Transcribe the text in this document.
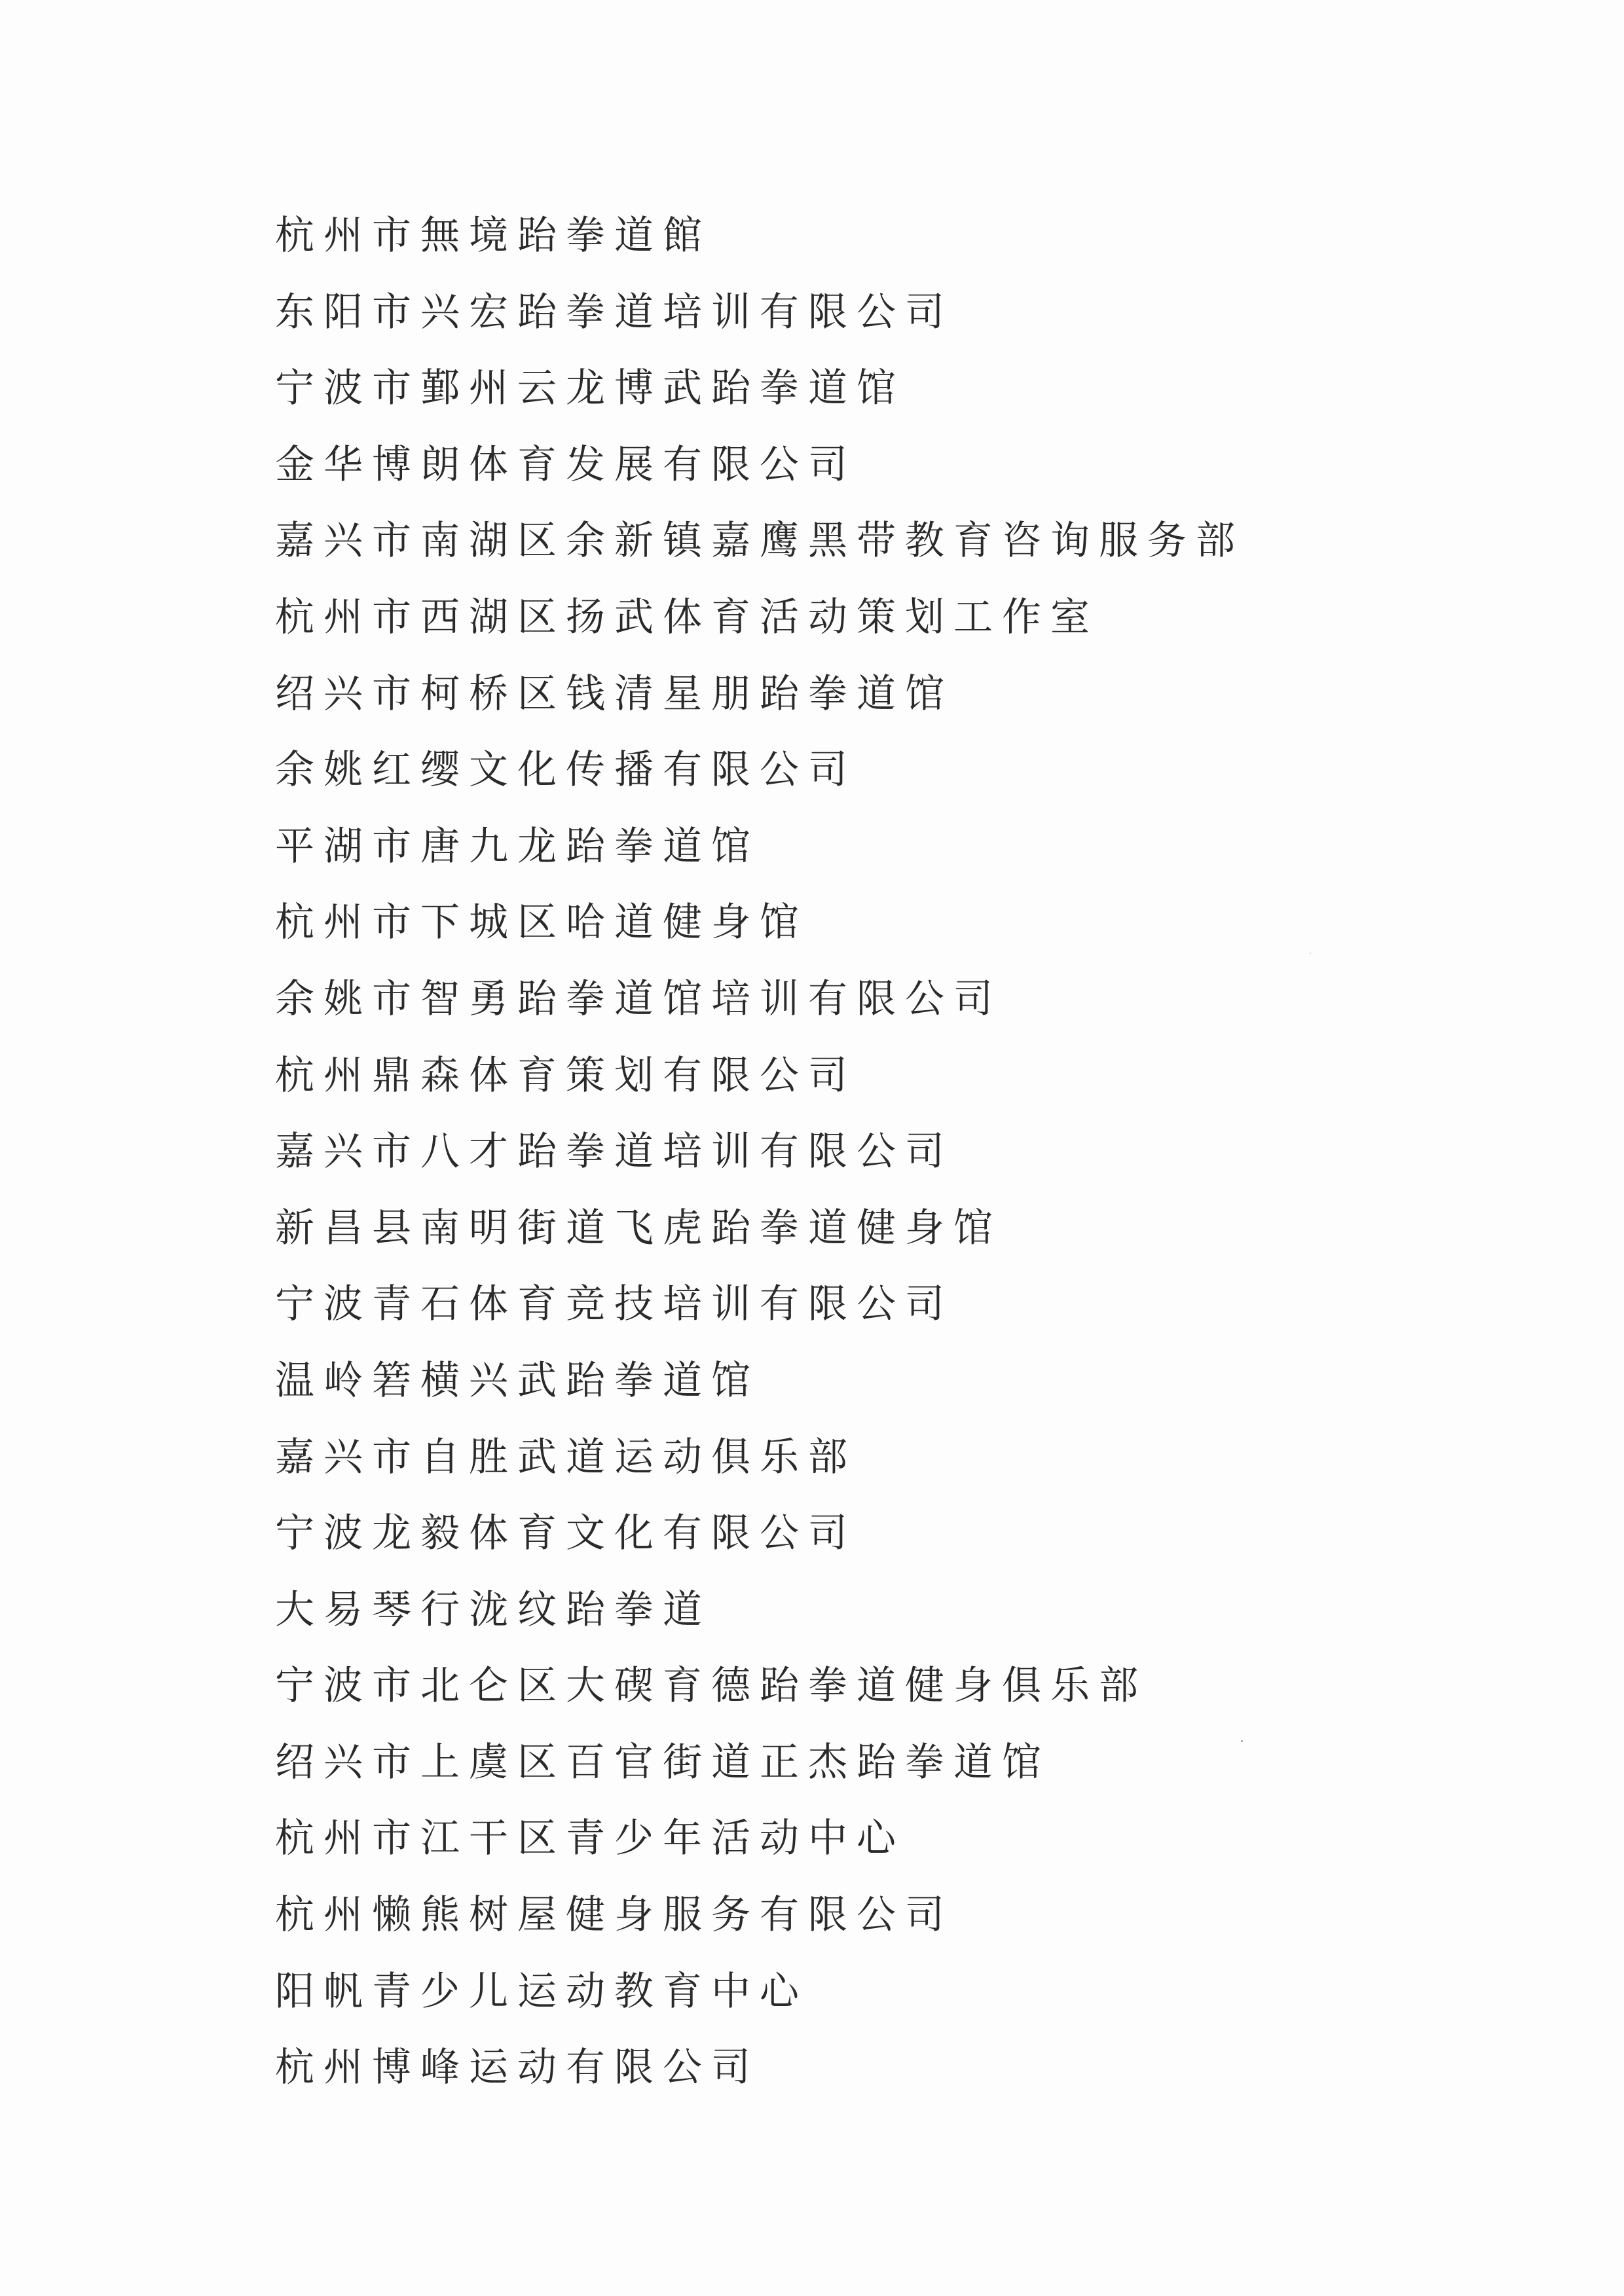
杭州市無境跆拳道館
东阳市兴宏跆拳道培训有限公司
宁波市鄞州云龙博武跆拳道馆
金华博朗体育发展有限公司
嘉兴市南湖区余新镇嘉鹰黑带教育咨询服务部
杭州市西湖区扬武体育活动策划工作室
绍兴市柯桥区钱清星朋跆拳道馆
余姚红缨文化传播有限公司
平湖市唐九龙跆拳道馆
杭州市下城区哈道健身馆
余姚市智勇跆拳道馆培训有限公司
杭州鼎森体育策划有限公司
嘉兴市八才跆拳道培训有限公司
新昌县南明街道飞虎跆拳道健身馆
宁波青石体育竞技培训有限公司
温岭箬横兴武跆拳道馆
嘉兴市自胜武道运动俱乐部
宁波龙毅体育文化有限公司
大易琴行泷纹跆拳道
宁波市北仑区大碶育德跆拳道健身俱乐部
绍兴市上虞区百官街道正杰跆拳道馆
杭州市江干区青少年活动中心
杭州懒熊树屋健身服务有限公司
阳帆青少儿运动教育中心
杭州博峰运动有限公司
